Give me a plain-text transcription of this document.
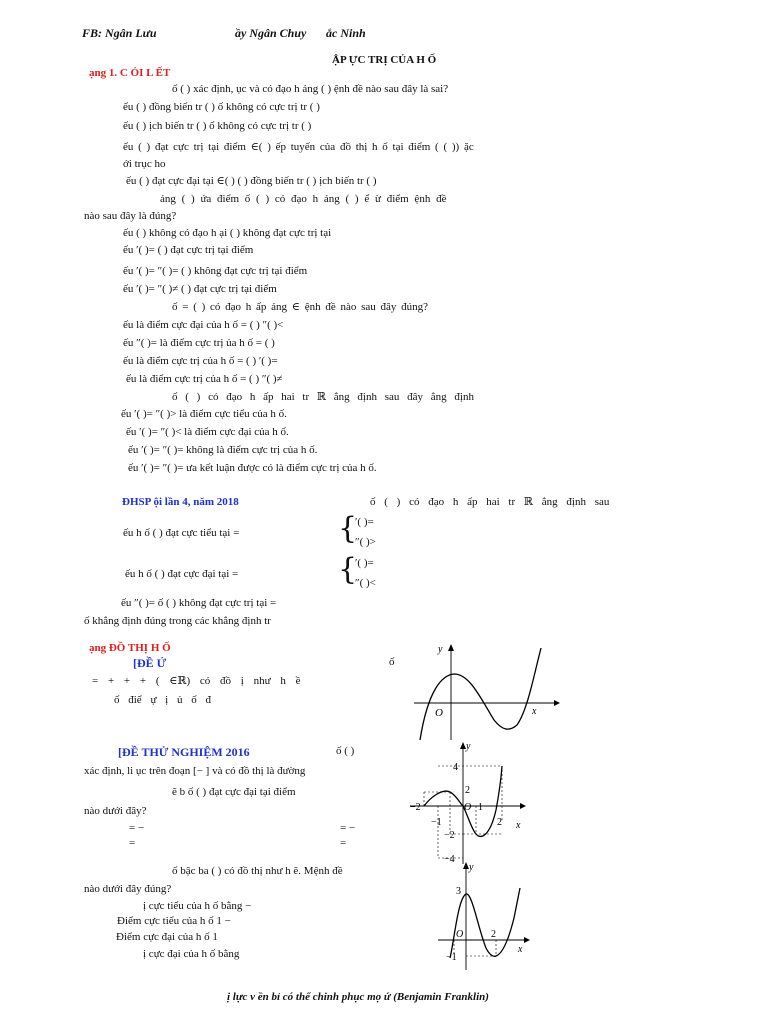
FB: Ngân Lưu	ầy Ngân Chuy ắc Ninh
ẬP ỰC TRỊ CỦA H Ố
ạng 1. C ỎI L ẾT
ố ( ) xác định, ục và có đạo h ảng ( ) ệnh đề nào sau đây là sai?
ếu ( ) đồng biến tr ( ) ố không có cực trị tr ( )
ếu ( ) ịch biến tr ( ) ố không có cực trị tr ( )
ếu ( ) đạt cực trị tại điểm ∈( ) ếp tuyến của đồ thị h ố tại điểm ( ( )) ặc
ới trục ho
ếu ( ) đạt cực đại tại ∈( ) ( ) đồng biến tr ( ) ịch biến tr ( )
ảng ( ) ứa điểm ố ( ) có đạo h ảng ( ) ể ừ điểm ệnh đề
nào sau đây là đúng?
ếu ( ) không có đạo h ại ( ) không đạt cực trị tại
ếu ′( )= ( ) đạt cực trị tại điểm
ếu ′( )= ″( )= ( ) không đạt cực trị tại điểm
ếu ′( )= ″( )≠ ( ) đạt cực trị tại điểm
ố = ( ) có đạo h ấp ảng ∈ ệnh đề nào sau đây đúng?
ếu là điểm cực đại của h ố = ( ) ″( )<
ếu ″( )= là điểm cực trị ủa h ố = ( )
ếu là điểm cực trị của h ố = ( ) ′( )=
ếu là điểm cực trị của h ố = ( ) ″( )≠
ố ( ) có đạo h ấp hai tr ℝ ẳng định sau đây ẳng định
ếu ′( )= ″( )> là điểm cực tiểu của h ố.
ếu ′( )= ″( )< là điểm cực đại của h ố.
ếu ′( )= ″( )= không là điểm cực trị của h ố.
ếu ′( )= ″( )= ưa kết luận được có là điểm cực trị của h ố.
ĐHSP ội lần 4, năm 2018	ố ( ) có đạo h ấp hai tr ℝ ẳng định sau
ếu h ố ( ) đạt cực tiểu tại =	{
′( )=
″( )>
ếu h ố ( ) đạt cực đại tại =	{
′( )=
″( )<
ếu ″( )= ố ( ) không đạt cực trị tại =
ố khẳng định đúng trong các khẳng định tr
ạng ĐỒ THỊ H Ố
[ĐỀ Ứ	ố
= + + + ( ∈ℝ) có đồ ị như h ề
ố điể ự ị ủ ố đ
y
x
O
[ĐỀ THỬ NGHIỆM 2016	ố ( )
xác định, li ục trên đoạn [− ] và có đồ thị là đường
ẽ b ố ( ) đạt cực đại tại điểm
nào dưới đây?
= −	= −
=	=
y
x
4
2
−2
−1
O 1
2
−2
−4
ố bậc ba ( ) có đồ thị như h ẽ. Mệnh đề
nào dưới đây đúng?
ị cực tiểu của h ố bằng −
Điểm cực tiểu của h ố 1 −
Điểm cực đại của h ố 1
ị cực đại của h ố bằng
y
x
3
O	2
−1
ị lực v ền bỉ có thể chinh phục mọ ứ (Benjamin Franklin)
